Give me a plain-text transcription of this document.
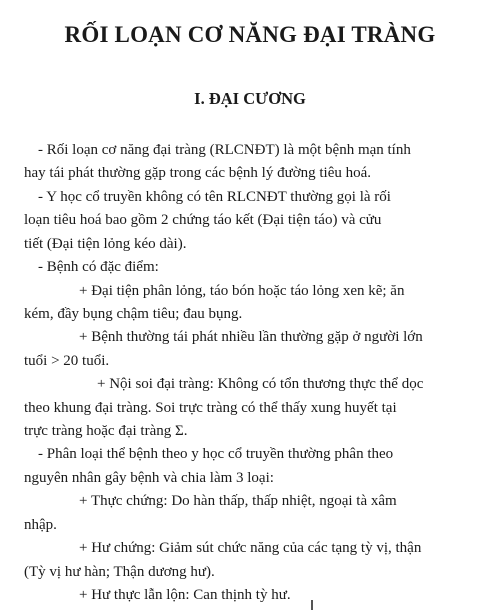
RỐI LOẠN CƠ NĂNG ĐẠI TRÀNG
I. ĐẠI CƯƠNG
- Rối loạn cơ năng đại tràng (RLCNĐT) là một bệnh mạn tính
hay tái phát thường gặp trong các bệnh lý đường tiêu hoá.
- Y học cổ truyền không có tên RLCNĐT thường gọi là rối
loạn tiêu hoá bao gồm 2 chứng táo kết (Đại tiện táo) và cửu
tiết (Đại tiện lỏng kéo dài).
- Bệnh có đặc điểm:
+ Đại tiện phân lỏng, táo bón hoặc táo lỏng xen kẽ; ăn
kém, đầy bụng chậm tiêu; đau bụng.
+ Bệnh thường tái phát nhiều lần thường gặp ở người lớn
tuổi > 20 tuổi.
+ Nội soi đại tràng: Không có tổn thương thực thể dọc
theo khung đại tràng. Soi trực tràng có thể thấy xung huyết tại
trực tràng hoặc đại tràng Σ.
- Phân loại thể bệnh theo y học cổ truyền thường phân theo
nguyên nhân gây bệnh và chia làm 3 loại:
+ Thực chứng: Do hàn thấp, thấp nhiệt, ngoại tà xâm
nhập.
+ Hư chứng: Giảm sút chức năng của các tạng tỳ vị, thận
(Tỳ vị hư hàn; Thận dương hư).
+ Hư thực lẫn lộn: Can thịnh tỳ hư.
